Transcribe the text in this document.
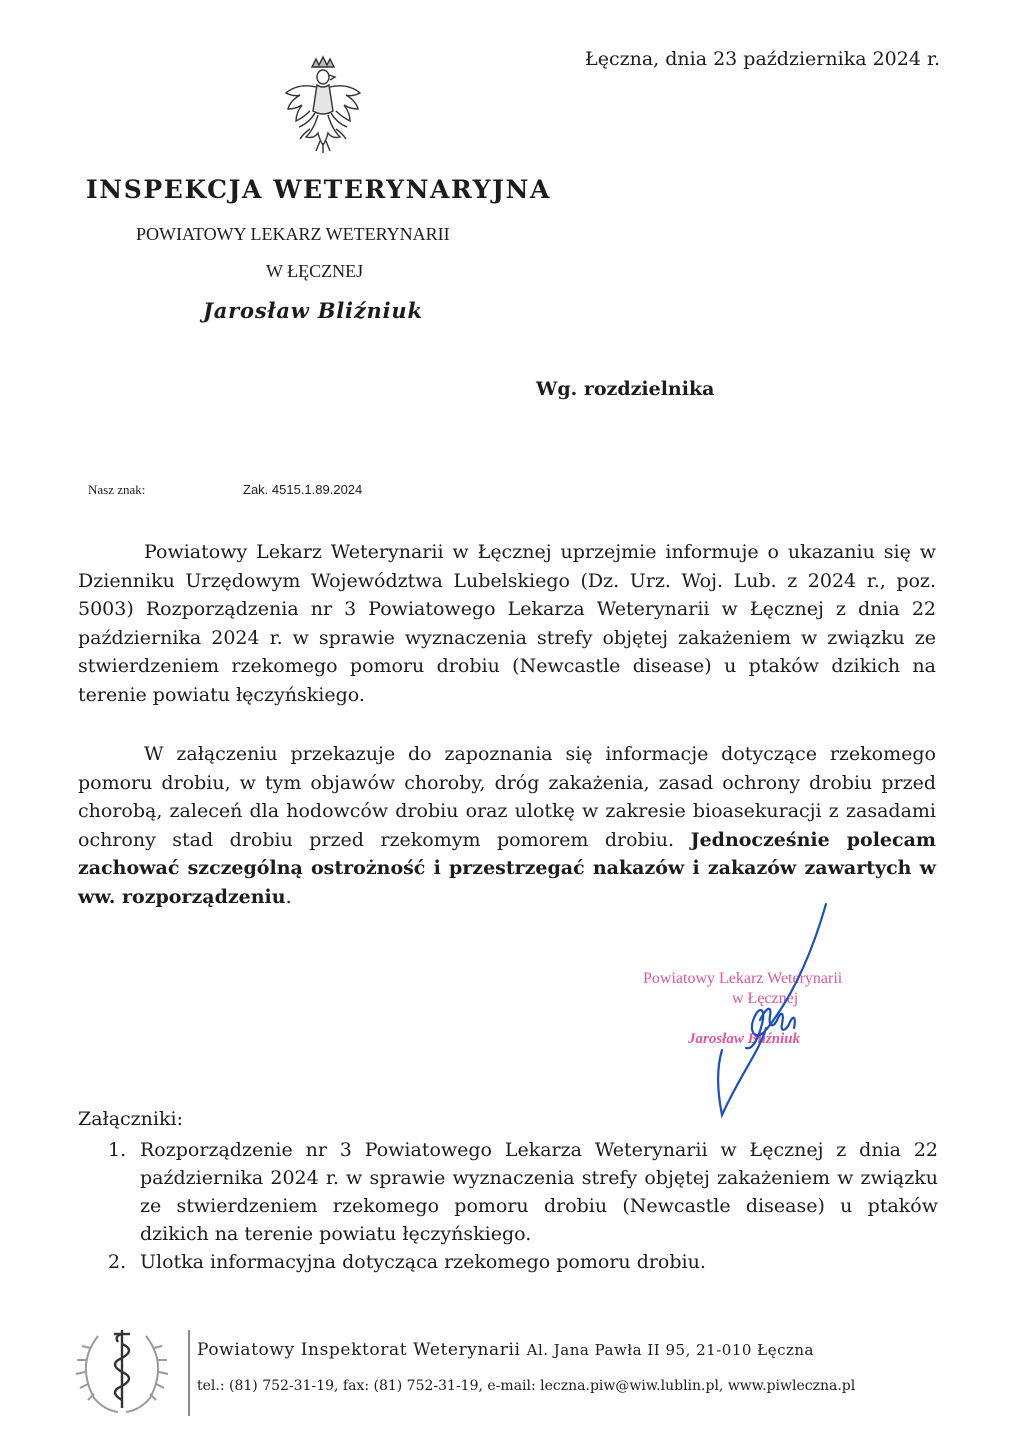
Łęczna, dnia 23 października 2024 r.
INSPEKCJA WETERYNARYJNA
POWIATOWY LEKARZ WETERYNARII
W ŁĘCZNEJ
Jarosław Bliźniuk
Wg. rozdzielnika
Nasz znak:	Zak. 4515.1.89.2024
Powiatowy Lekarz Weterynarii w Łęcznej uprzejmie informuje o ukazaniu się w Dzienniku Urzędowym Województwa Lubelskiego (Dz. Urz. Woj. Lub. z 2024 r., poz. 5003) Rozporządzenia nr 3 Powiatowego Lekarza Weterynarii w Łęcznej z dnia 22 października 2024 r. w sprawie wyznaczenia strefy objętej zakażeniem w związku ze stwierdzeniem rzekomego pomoru drobiu (Newcastle disease) u ptaków dzikich na terenie powiatu łęczyńskiego.
W załączeniu przekazuje do zapoznania się informacje dotyczące rzekomego pomoru drobiu, w tym objawów choroby, dróg zakażenia, zasad ochrony drobiu przed chorobą, zaleceń dla hodowców drobiu oraz ulotkę w zakresie bioasekuracji z zasadami ochrony stad drobiu przed rzekomym pomorem drobiu. Jednocześnie polecam zachować szczególną ostrożność i przestrzegać nakazów i zakazów zawartych w ww. rozporządzeniu.
Powiatowy Lekarz Weterynarii
w Łęcznej
Jarosław Bliźniuk
Załączniki:
1. Rozporządzenie nr 3 Powiatowego Lekarza Weterynarii w Łęcznej z dnia 22 października 2024 r. w sprawie wyznaczenia strefy objętej zakażeniem w związku ze stwierdzeniem rzekomego pomoru drobiu (Newcastle disease) u ptaków dzikich na terenie powiatu łęczyńskiego.
2. Ulotka informacyjna dotycząca rzekomego pomoru drobiu.
Powiatowy Inspektorat Weterynarii Al. Jana Pawła II 95, 21-010 Łęczna
tel.: (81) 752-31-19, fax: (81) 752-31-19, e-mail: leczna.piw@wiw.lublin.pl, www.piwleczna.pl
